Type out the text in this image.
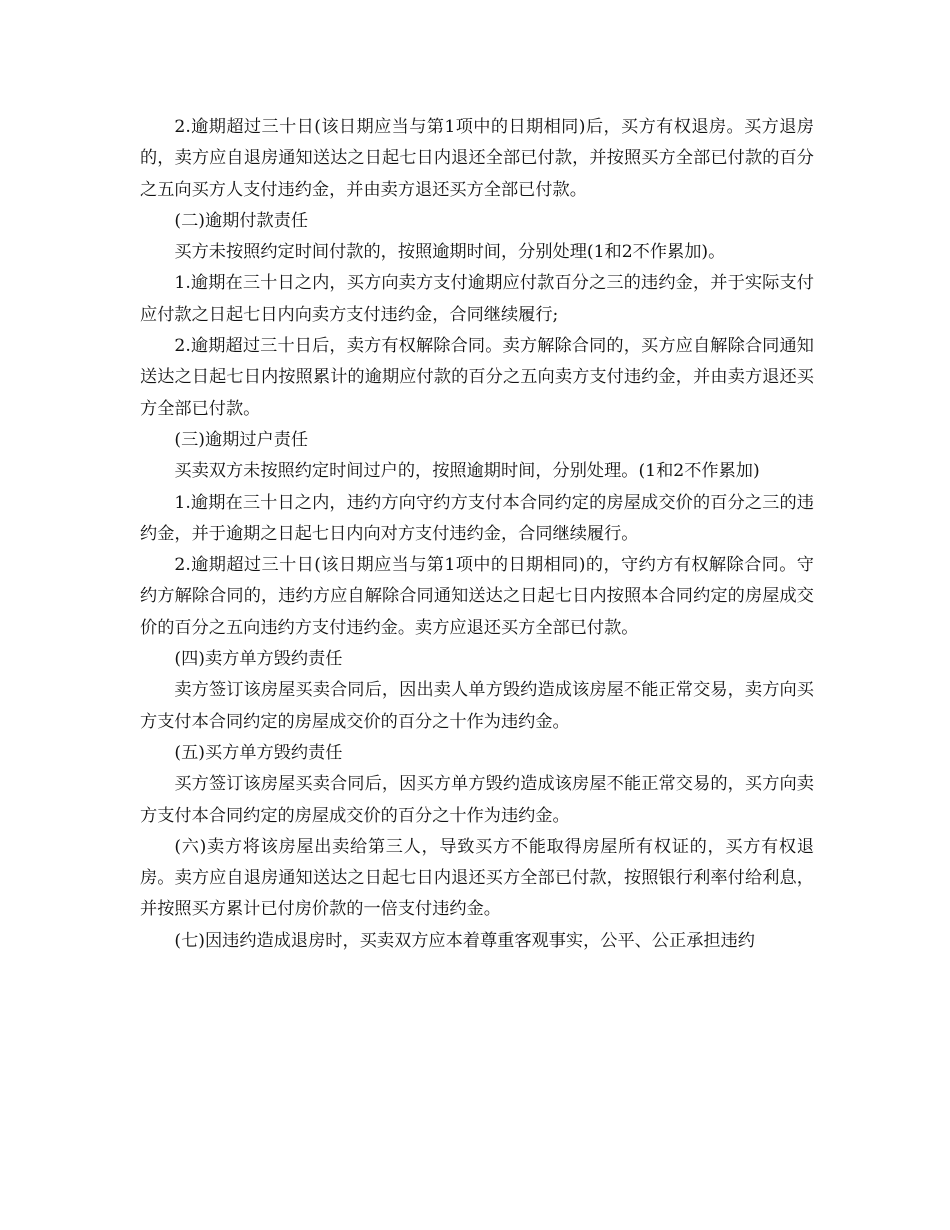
2.逾期超过三十日(该日期应当与第1项中的日期相同)后，买方有权退房。买方退房的，卖方应自退房通知送达之日起七日内退还全部已付款，并按照买方全部已付款的百分之五向买方人支付违约金，并由卖方退还买方全部已付款。

(二)逾期付款责任

买方未按照约定时间付款的，按照逾期时间，分别处理(1和2不作累加)。

1.逾期在三十日之内，买方向卖方支付逾期应付款百分之三的违约金，并于实际支付应付款之日起七日内向卖方支付违约金，合同继续履行;

2.逾期超过三十日后，卖方有权解除合同。卖方解除合同的，买方应自解除合同通知送达之日起七日内按照累计的逾期应付款的百分之五向卖方支付违约金，并由卖方退还买方全部已付款。

(三)逾期过户责任

买卖双方未按照约定时间过户的，按照逾期时间，分别处理。(1和2不作累加)

1.逾期在三十日之内，违约方向守约方支付本合同约定的房屋成交价的百分之三的违约金，并于逾期之日起七日内向对方支付违约金，合同继续履行。

2.逾期超过三十日(该日期应当与第1项中的日期相同)的，守约方有权解除合同。守约方解除合同的，违约方应自解除合同通知送达之日起七日内按照本合同约定的房屋成交价的百分之五向违约方支付违约金。卖方应退还买方全部已付款。

(四)卖方单方毁约责任

卖方签订该房屋买卖合同后，因出卖人单方毁约造成该房屋不能正常交易，卖方向买方支付本合同约定的房屋成交价的百分之十作为违约金。

(五)买方单方毁约责任

买方签订该房屋买卖合同后，因买方单方毁约造成该房屋不能正常交易的，买方向卖方支付本合同约定的房屋成交价的百分之十作为违约金。

(六)卖方将该房屋出卖给第三人，导致买方不能取得房屋所有权证的，买方有权退房。卖方应自退房通知送达之日起七日内退还买方全部已付款，按照银行利率付给利息，并按照买方累计已付房价款的一倍支付违约金。

(七)因违约造成退房时，买卖双方应本着尊重客观事实，公平、公正承担违约
